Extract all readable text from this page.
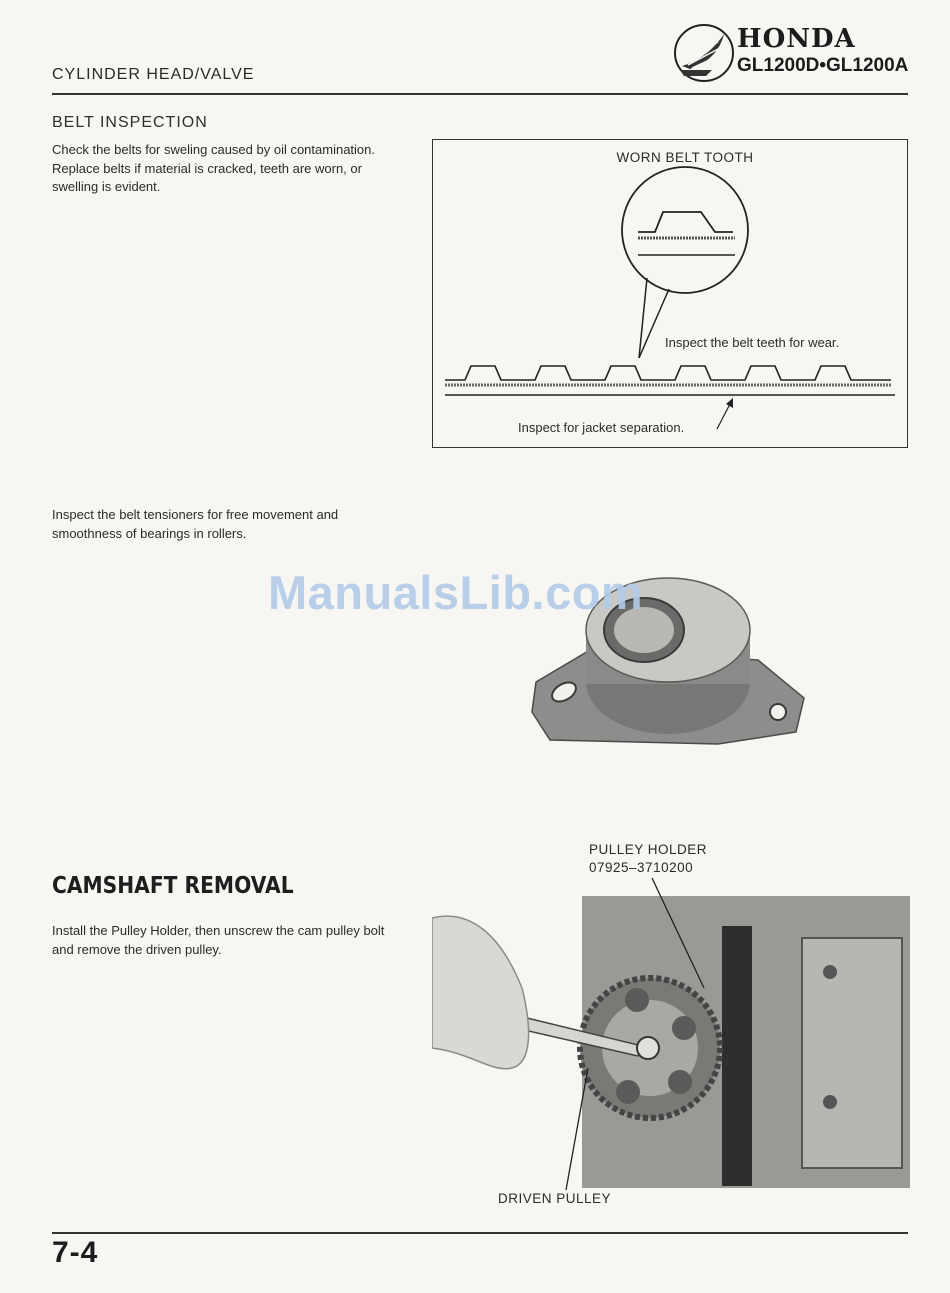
CYLINDER HEAD/VALVE
HONDA
GL1200D•GL1200A
BELT INSPECTION

Check the belts for sweling caused by oil contamination.

Replace belts if material is cracked, teeth are worn, or swelling is evident.

WORN BELT TOOTH
Inspect the belt teeth for wear.
Inspect for jacket separation.
Inspect the belt tensioners for free movement and smoothness of bearings in rollers.
ManualsLib.com
CAMSHAFT REMOVAL
Install the Pulley Holder, then unscrew the cam pulley bolt and remove the driven pulley.
PULLEY HOLDER
07925–3710200
DRIVEN PULLEY
7-4
